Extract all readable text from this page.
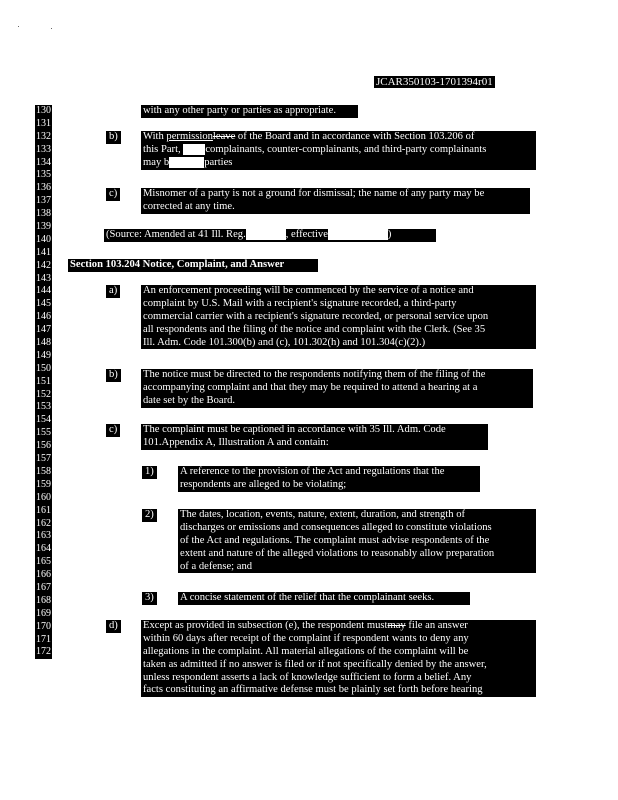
JCAR350103-1701394r01
130
131
132
133
134
135
136
137
138
139
140
141
142
143
144
145
146
147
148
149
150
151
152
153
154
155
156
157
158
159
160
161
162
163
164
165
166
167
168
169
170
171
172
with any other party or parties as appropriate.
b) With permissionleave of the Board and in accordance with Section 103.206 of
this Part, complainants, counter-complainants, and third-party complainants
may b	parties
c) Misnomer of a party is not a ground for dismissal; the name of any party may be
corrected at any time.
(Source: Amended at 41 Ill. Reg.	, effective	)
Section 103.204 Notice, Complaint, and Answer
a) An enforcement proceeding will be commenced by the service of a notice and
complaint by U.S. Mail with a recipient's signature recorded, a third-party
commercial carrier with a recipient's signature recorded, or personal service upon
all respondents and the filing of the notice and complaint with the Clerk. (See 35
Ill. Adm. Code 101.300(b) and (c), 101.302(h) and 101.304(c)(2).)
b) The notice must be directed to the respondents notifying them of the filing of the
accompanying complaint and that they may be required to attend a hearing at a
date set by the Board.
c) The complaint must be captioned in accordance with 35 Ill. Adm. Code
101.Appendix A, Illustration A and contain:
1) A reference to the provision of the Act and regulations that the
respondents are alleged to be violating;
2) The dates, location, events, nature, extent, duration, and strength of
discharges or emissions and consequences alleged to constitute violations
of the Act and regulations. The complaint must advise respondents of the
extent and nature of the alleged violations to reasonably allow preparation
of a defense; and
3) A concise statement of the relief that the complainant seeks.
d) Except as provided in subsection (e), the respondent mustmay file an answer
within 60 days after receipt of the complaint if respondent wants to deny any
allegations in the complaint. All material allegations of the complaint will be
taken as admitted if no answer is filed or if not specifically denied by the answer,
unless respondent asserts a lack of knowledge sufficient to form a belief. Any
facts constituting an affirmative defense must be plainly set forth before hearing
